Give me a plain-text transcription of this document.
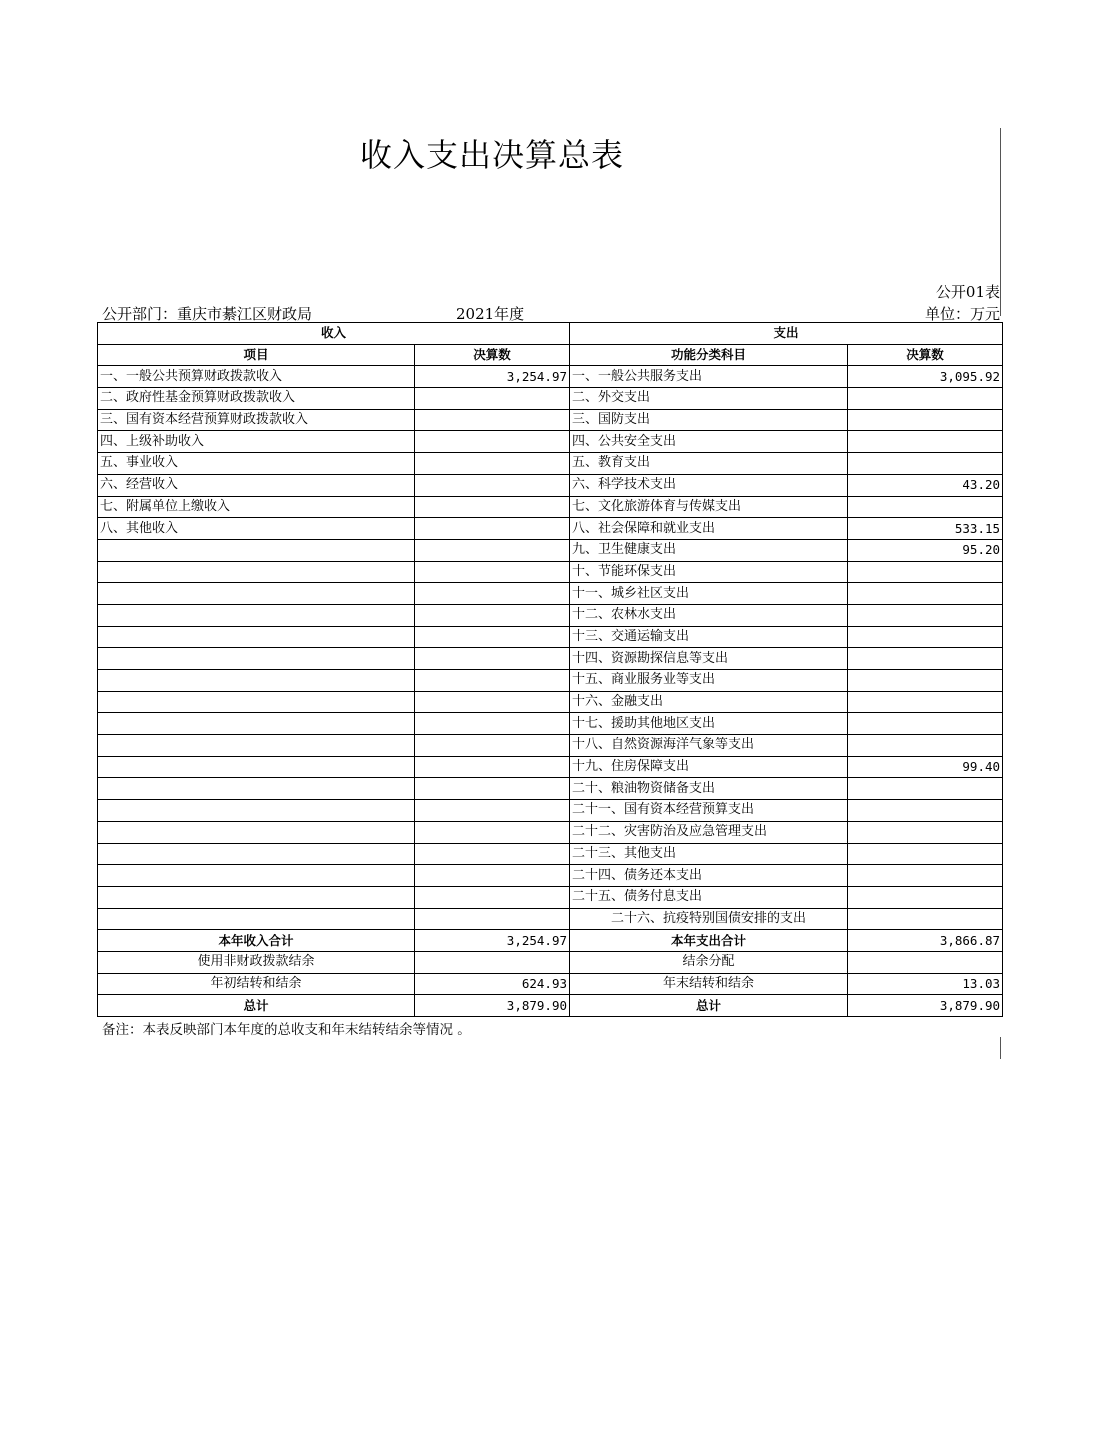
收入支出决算总表
公开01表
公开部门：重庆市綦江区财政局	2021年度	单位：万元
收入		支出	
项目	决算数	功能分类科目	决算数
一、一般公共预算财政拨款收入	3,254.97	一、一般公共服务支出	3,095.92
二、政府性基金预算财政拨款收入		二、外交支出	
三、国有资本经营预算财政拨款收入		三、国防支出	
四、上级补助收入		四、公共安全支出	
五、事业收入		五、教育支出	
六、经营收入		六、科学技术支出	43.20
七、附属单位上缴收入		七、文化旅游体育与传媒支出	
八、其他收入		八、社会保障和就业支出	533.15
		九、卫生健康支出	95.20
		十、节能环保支出	
		十一、城乡社区支出	
		十二、农林水支出	
		十三、交通运输支出	
		十四、资源勘探信息等支出	
		十五、商业服务业等支出	
		十六、金融支出	
		十七、援助其他地区支出	
		十八、自然资源海洋气象等支出	
		十九、住房保障支出	99.40
		二十、粮油物资储备支出	
		二十一、国有资本经营预算支出	
		二十二、灾害防治及应急管理支出	
		二十三、其他支出	
		二十四、债务还本支出	
		二十五、债务付息支出	
		二十六、抗疫特别国债安排的支出	
本年收入合计	3,254.97	本年支出合计	3,866.87
使用非财政拨款结余		结余分配	
年初结转和结余	624.93	年末结转和结余	13.03
总计	3,879.90	总计	3,879.90
备注：本表反映部门本年度的总收支和年末结转结余等情况 。
